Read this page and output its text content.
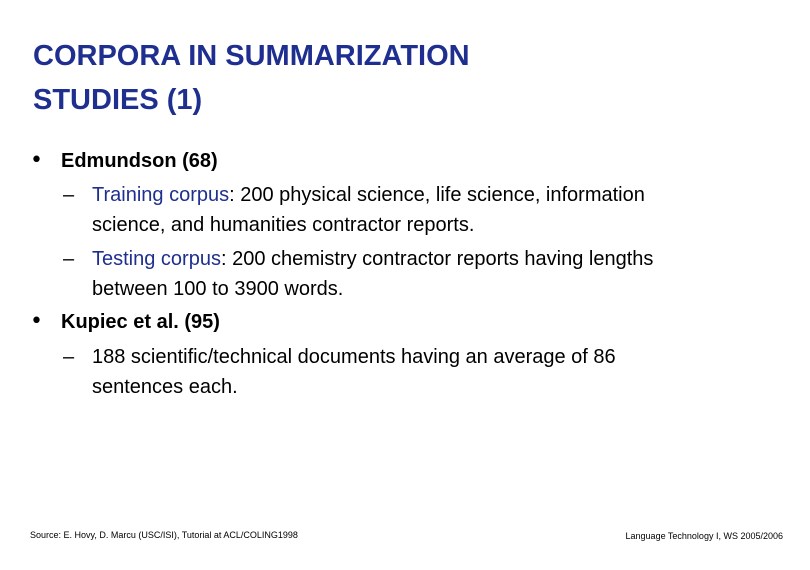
CORPORA IN SUMMARIZATION
STUDIES (1)
• Edmundson (68)
– Training corpus: 200 physical science, life science, information
science, and humanities contractor reports.
– Testing corpus: 200 chemistry contractor reports having lengths
between 100 to 3900 words.
• Kupiec et al. (95)
– 188 scientific/technical documents having an average of 86
sentences each.
Source: E. Hovy, D. Marcu (USC/ISI), Tutorial at ACL/COLING1998	Language Technology I, WS 2005/2006
